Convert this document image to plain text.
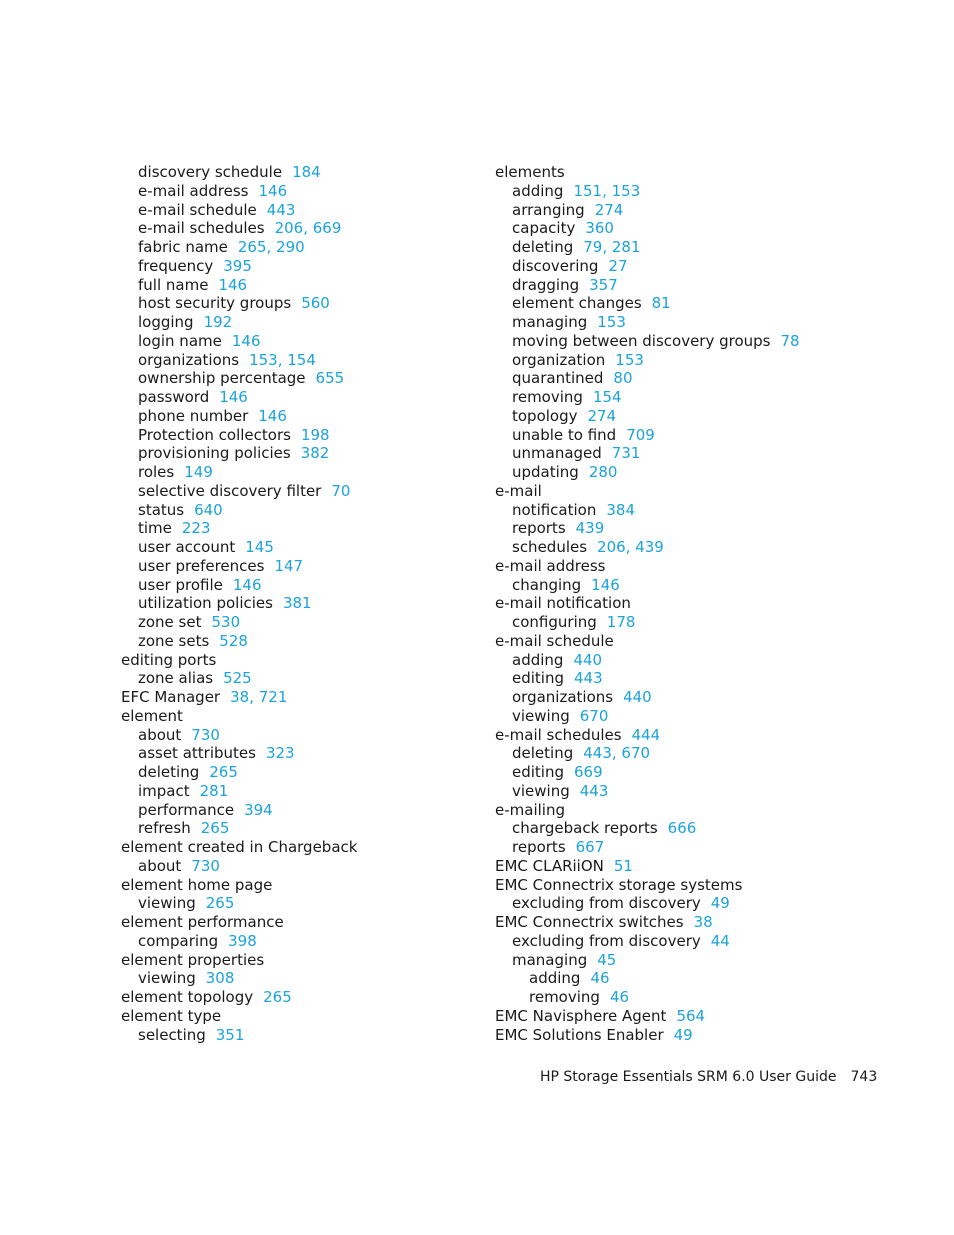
discovery schedule 184
e-mail address 146
e-mail schedule 443
e-mail schedules 206, 669
fabric name 265, 290
frequency 395
full name 146
host security groups 560
logging 192
login name 146
organizations 153, 154
ownership percentage 655
password 146
phone number 146
Protection collectors 198
provisioning policies 382
roles 149
selective discovery filter 70
status 640
time 223
user account 145
user preferences 147
user profile 146
utilization policies 381
zone set 530
zone sets 528
editing ports
zone alias 525
EFC Manager 38, 721
element
about 730
asset attributes 323
deleting 265
impact 281
performance 394
refresh 265
element created in Chargeback
about 730
element home page
viewing 265
element performance
comparing 398
element properties
viewing 308
element topology 265
element type
selecting 351
elements
adding 151, 153
arranging 274
capacity 360
deleting 79, 281
discovering 27
dragging 357
element changes 81
managing 153
moving between discovery groups 78
organization 153
quarantined 80
removing 154
topology 274
unable to find 709
unmanaged 731
updating 280
e-mail
notification 384
reports 439
schedules 206, 439
e-mail address
changing 146
e-mail notification
configuring 178
e-mail schedule
adding 440
editing 443
organizations 440
viewing 670
e-mail schedules 444
deleting 443, 670
editing 669
viewing 443
e-mailing
chargeback reports 666
reports 667
EMC CLARiiON 51
EMC Connectrix storage systems
excluding from discovery 49
EMC Connectrix switches 38
excluding from discovery 44
managing 45
adding 46
removing 46
EMC Navisphere Agent 564
EMC Solutions Enabler 49
HP Storage Essentials SRM 6.0 User Guide 743
